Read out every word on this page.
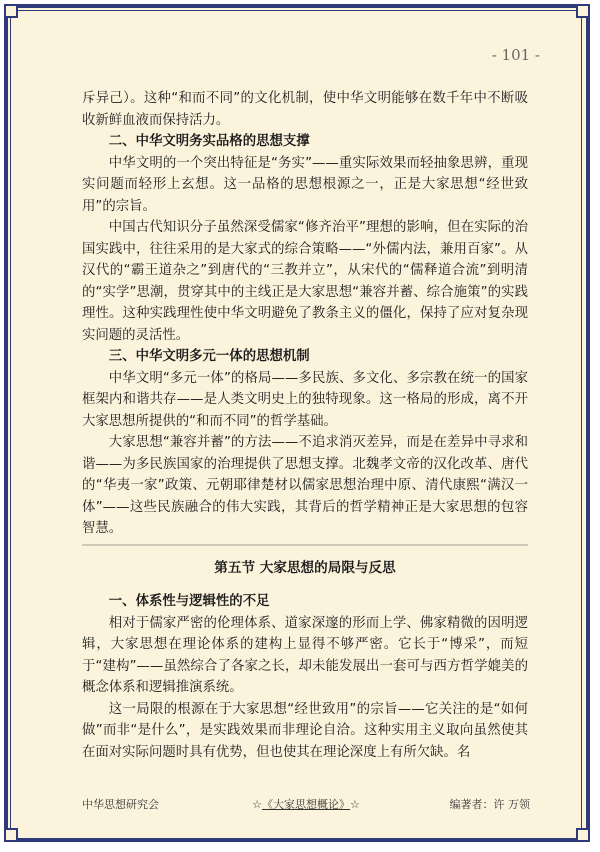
- 101 -

斥异己）。这种“和而不同”的文化机制，使中华文明能够在数千年中不断吸收新鲜血液而保持活力。

二、中华文明务实品格的思想支撑

中华文明的一个突出特征是“务实”——重实际效果而轻抽象思辨，重现实问题而轻形上玄想。这一品格的思想根源之一，正是大家思想“经世致用”的宗旨。

中国古代知识分子虽然深受儒家“修齐治平”理想的影响，但在实际的治国实践中，往往采用的是大家式的综合策略——“外儒内法，兼用百家”。从汉代的“霸王道杂之”到唐代的“三教并立”，从宋代的“儒释道合流”到明清的“实学”思潮，贯穿其中的主线正是大家思想“兼容并蓄、综合施策”的实践理性。这种实践理性使中华文明避免了教条主义的僵化，保持了应对复杂现实问题的灵活性。

三、中华文明多元一体的思想机制

中华文明“多元一体”的格局——多民族、多文化、多宗教在统一的国家框架内和谐共存——是人类文明史上的独特现象。这一格局的形成，离不开大家思想所提供的“和而不同”的哲学基础。

大家思想“兼容并蓄”的方法——不追求消灭差异，而是在差异中寻求和谐——为多民族国家的治理提供了思想支撑。北魏孝文帝的汉化改革、唐代的“华夷一家”政策、元朝耶律楚材以儒家思想治理中原、清代康熙“满汉一体”——这些民族融合的伟大实践，其背后的哲学精神正是大家思想的包容智慧。

第五节 大家思想的局限与反思
一、体系性与逻辑性的不足

相对于儒家严密的伦理体系、道家深邃的形而上学、佛家精微的因明逻辑，大家思想在理论体系的建构上显得不够严密。它长于“博采”，而短于“建构”——虽然综合了各家之长，却未能发展出一套可与西方哲学媲美的概念体系和逻辑推演系统。

这一局限的根源在于大家思想“经世致用”的宗旨——它关注的是“如何做”而非“是什么”，是实践效果而非理论自洽。这种实用主义取向虽然使其在面对实际问题时具有优势，但也使其在理论深度上有所欠缺。名

中华思想研究会	☆《大家思想概论》☆	编著者：许 万领
